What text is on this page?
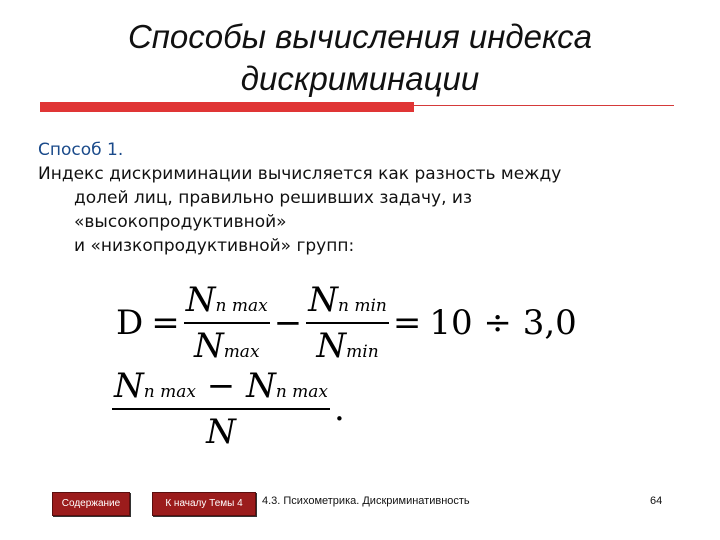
Способы вычисления индекса
дискриминации
Способ 1.
Индекс дискриминации вычисляется как разность между
долей лиц, правильно решивших задачу, из
«высокопродуктивной»
и «низкопродуктивной» групп:
$D = \frac{\text{Nn max}}{Nmax} - \frac{\text{Nn min}}{Nmin} = 10 \div 3,0$
$\frac{\text{Nn max − Nn max}}{N}$ .
Содержание	К началу Темы 4	4.3. Психометрика. Дискриминативность	64
